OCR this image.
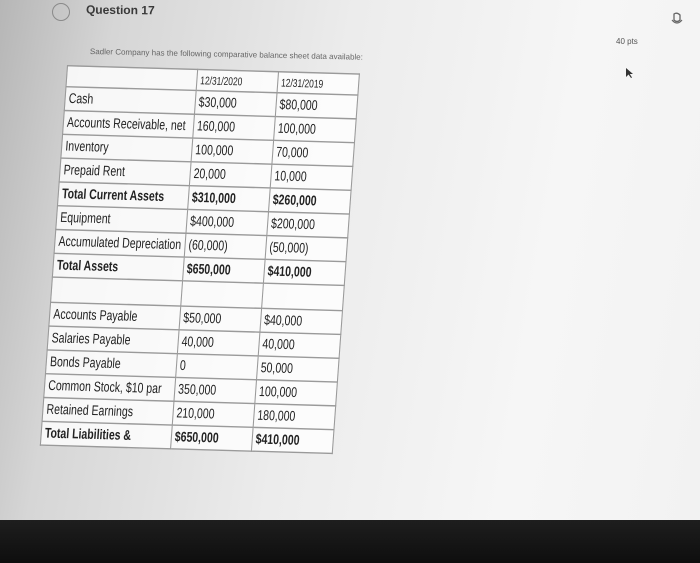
Question 17
40 pts
Sadler Company has the following comparative balance sheet data available:
	12/31/2020	12/31/2019
Cash	$30,000	$80,000
Accounts Receivable, net	160,000	100,000
Inventory	100,000	70,000
Prepaid Rent	20,000	10,000
Total Current Assets	$310,000	$260,000
Equipment	$400,000	$200,000
Accumulated Depreciation	(60,000)	(50,000)
Total Assets	$650,000	$410,000

Accounts Payable	$50,000	$40,000
Salaries Payable	40,000	40,000
Bonds Payable	0	50,000
Common Stock, $10 par	350,000	100,000
Retained Earnings	210,000	180,000
Total Liabilities &	$650,000	$410,000
